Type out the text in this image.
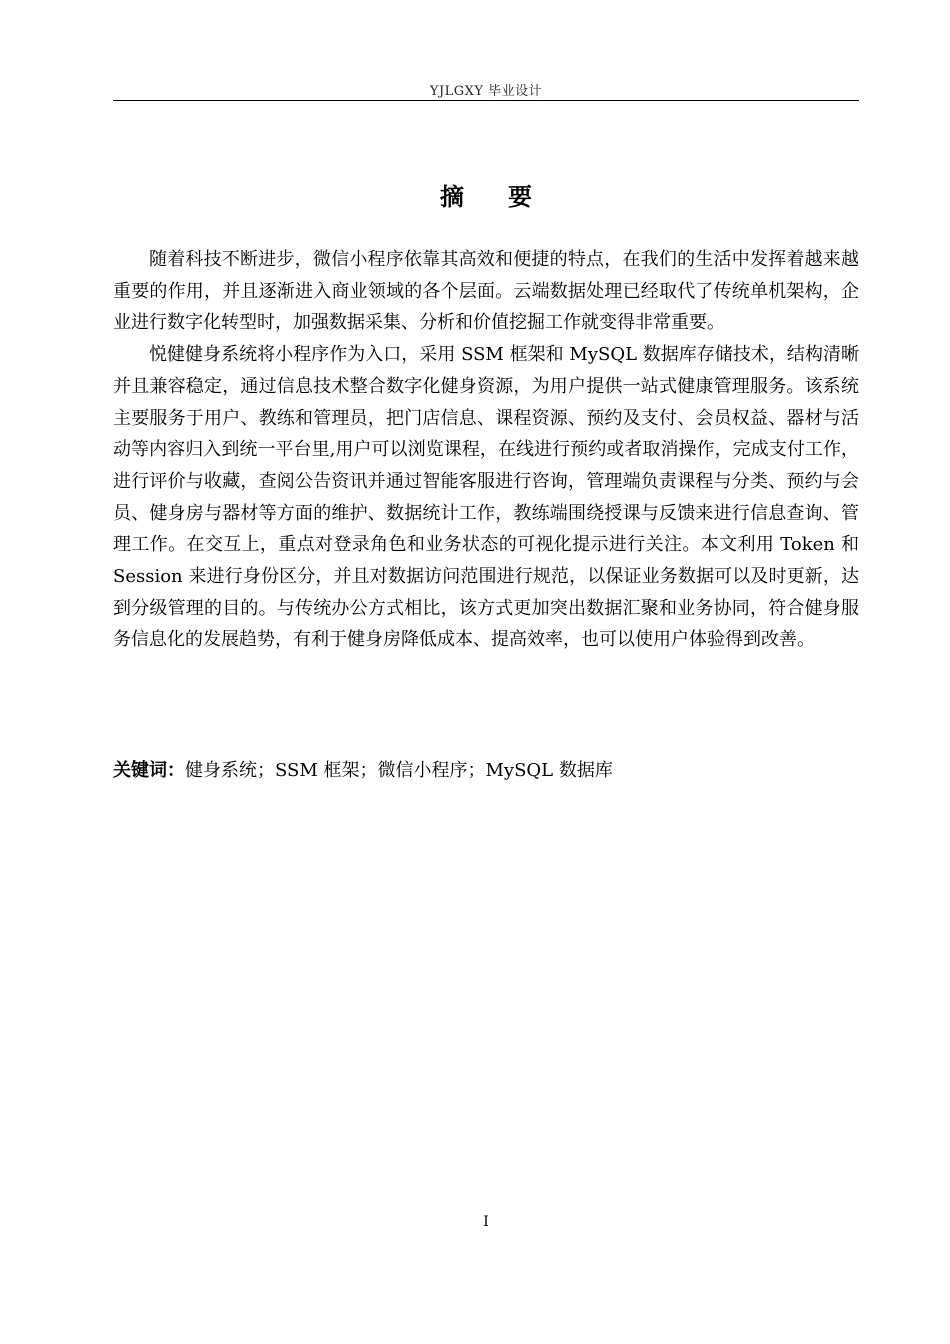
YJLGXY 毕业设计
摘 要

随着科技不断进步，微信小程序依靠其高效和便捷的特点，在我们的生活中发挥着越来越重要的作用，并且逐渐进入商业领域的各个层面。云端数据处理已经取代了传统单机架构，企业进行数字化转型时，加强数据采集、分析和价值挖掘工作就变得非常重要。

悦健健身系统将小程序作为入口，采用 SSM 框架和 MySQL 数据库存储技术，结构清晰并且兼容稳定，通过信息技术整合数字化健身资源，为用户提供一站式健康管理服务。该系统主要服务于用户、教练和管理员，把门店信息、课程资源、预约及支付、会员权益、器材与活动等内容归入到统一平台里,用户可以浏览课程，在线进行预约或者取消操作，完成支付工作，进行评价与收藏，查阅公告资讯并通过智能客服进行咨询，管理端负责课程与分类、预约与会员、健身房与器材等方面的维护、数据统计工作，教练端围绕授课与反馈来进行信息查询、管理工作。在交互上，重点对登录角色和业务状态的可视化提示进行关注。本文利用 Token 和 Session 来进行身份区分，并且对数据访问范围进行规范，以保证业务数据可以及时更新，达到分级管理的目的。与传统办公方式相比，该方式更加突出数据汇聚和业务协同，符合健身服务信息化的发展趋势，有利于健身房降低成本、提高效率，也可以使用户体验得到改善。

关键词：健身系统；SSM 框架；微信小程序；MySQL 数据库
I
